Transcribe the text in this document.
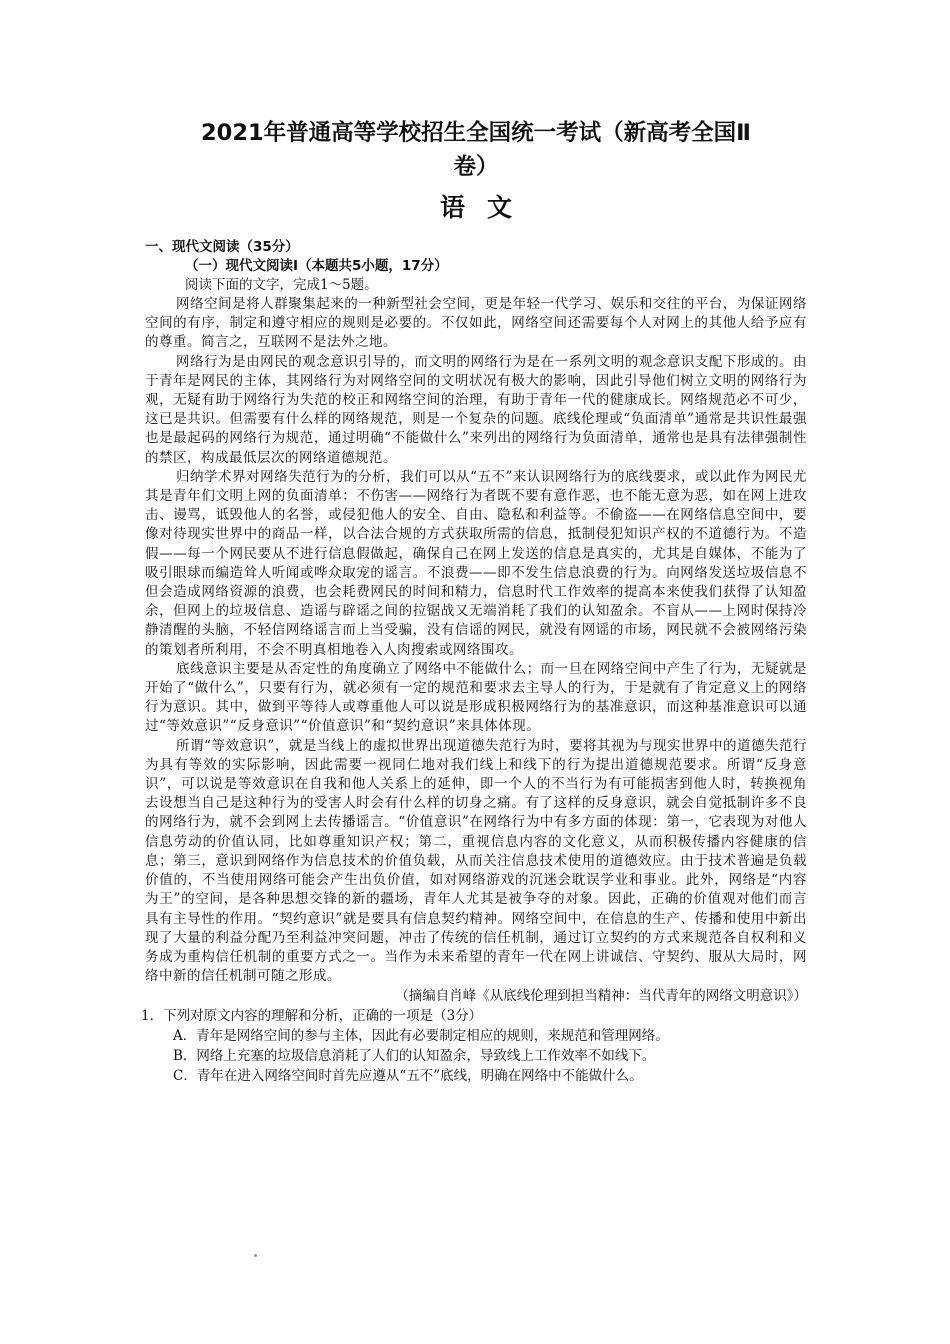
2021年普通高等学校招生全国统一考试（新高考全国Ⅱ
卷）
语文

一、现代文阅读（35分）

（一）现代文阅读Ⅰ（本题共5小题，17分）

阅读下面的文字，完成1～5题。

网络空间是将人群聚集起来的一种新型社会空间，更是年轻一代学习、娱乐和交往的平台，为保证网络空间的有序，制定和遵守相应的规则是必要的。不仅如此，网络空间还需要每个人对网上的其他人给予应有的尊重。简言之，互联网不是法外之地。

网络行为是由网民的观念意识引导的，而文明的网络行为是在一系列文明的观念意识支配下形成的。由于青年是网民的主体，其网络行为对网络空间的文明状况有极大的影响，因此引导他们树立文明的网络行为观，无疑有助于网络行为失范的校正和网络空间的治理，有助于青年一代的健康成长。网络规范必不可少，这已是共识。但需要有什么样的网络规范，则是一个复杂的问题。底线伦理或“负面清单”通常是共识性最强也是最起码的网络行为规范，通过明确“不能做什么”来列出的网络行为负面清单，通常也是具有法律强制性的禁区，构成最低层次的网络道德规范。

归纳学术界对网络失范行为的分析，我们可以从“五不”来认识网络行为的底线要求，或以此作为网民尤其是青年们文明上网的负面清单：不伤害——网络行为者既不要有意作恶，也不能无意为恶，如在网上进攻击、谩骂，诋毁他人的名誉，或侵犯他人的安全、自由、隐私和利益等。不偷盗——在网络信息空间中，要像对待现实世界中的商品一样，以合法合规的方式获取所需的信息，抵制侵犯知识产权的不道德行为。不造假——每一个网民要从不进行信息假做起，确保自己在网上发送的信息是真实的，尤其是自媒体，不能为了吸引眼球而编造耸人听闻或哗众取宠的谣言。不浪费——即不发生信息浪费的行为。向网络发送垃圾信息不但会造成网络资源的浪费，也会耗费网民的时间和精力，信息时代工作效率的提高本来使我们获得了认知盈余，但网上的垃圾信息、造谣与辟谣之间的拉锯战又无端消耗了我们的认知盈余。不盲从——上网时保持冷静清醒的头脑，不轻信网络谣言而上当受骗，没有信谣的网民，就没有网谣的市场，网民就不会被网络污染的策划者所利用，不会不明真相地卷入人肉搜索或网络围攻。

底线意识主要是从否定性的角度确立了网络中不能做什么；而一旦在网络空间中产生了行为，无疑就是开始了“做什么”，只要有行为，就必须有一定的规范和要求去主导人的行为，于是就有了肯定意义上的网络行为意识。其中，做到平等待人或尊重他人可以说是形成积极网络行为的基准意识，而这种基准意识可以通过“等效意识”“反身意识”“价值意识”和“契约意识”来具体体现。

所谓“等效意识”，就是当线上的虚拟世界出现道德失范行为时，要将其视为与现实世界中的道德失范行为具有等效的实际影响，因此需要一视同仁地对我们线上和线下的行为提出道德规范要求。所谓“反身意识”，可以说是等效意识在自我和他人关系上的延伸，即一个人的不当行为有可能损害到他人时，转换视角去设想当自己是这种行为的受害人时会有什么样的切身之痛。有了这样的反身意识，就会自觉抵制许多不良的网络行为，就不会到网上去传播谣言。“价值意识”在网络行为中有多方面的体现：第一，它表现为对他人信息劳动的价值认同，比如尊重知识产权；第二，重视信息内容的文化意义，从而积极传播内容健康的信息；第三，意识到网络作为信息技术的价值负载，从而关注信息技术使用的道德效应。由于技术普遍是负载价值的，不当使用网络可能会产生出负价值，如对网络游戏的沉迷会耽误学业和事业。此外，网络是“内容为王”的空间，是各种思想交锋的新的疆场，青年人尤其是被争夺的对象。因此，正确的价值观对他们而言具有主导性的作用。“契约意识”就是要具有信息契约精神。网络空间中，在信息的生产、传播和使用中新出现了大量的利益分配乃至利益冲突问题，冲击了传统的信任机制，通过订立契约的方式来规范各自权利和义务成为重构信任机制的重要方式之一。当作为未来希望的青年一代在网上讲诚信、守契约、服从大局时，网络中新的信任机制可随之形成。

（摘编自肖峰《从底线伦理到担当精神：当代青年的网络文明意识》）

1．下列对原文内容的理解和分析，正确的一项是（3分）

A．青年是网络空间的参与主体，因此有必要制定相应的规则，来规范和管理网络。
B．网络上充塞的垃圾信息消耗了人们的认知盈余，导致线上工作效率不如线下。
C．青年在进入网络空间时首先应遵从“五不”底线，明确在网络中不能做什么。
